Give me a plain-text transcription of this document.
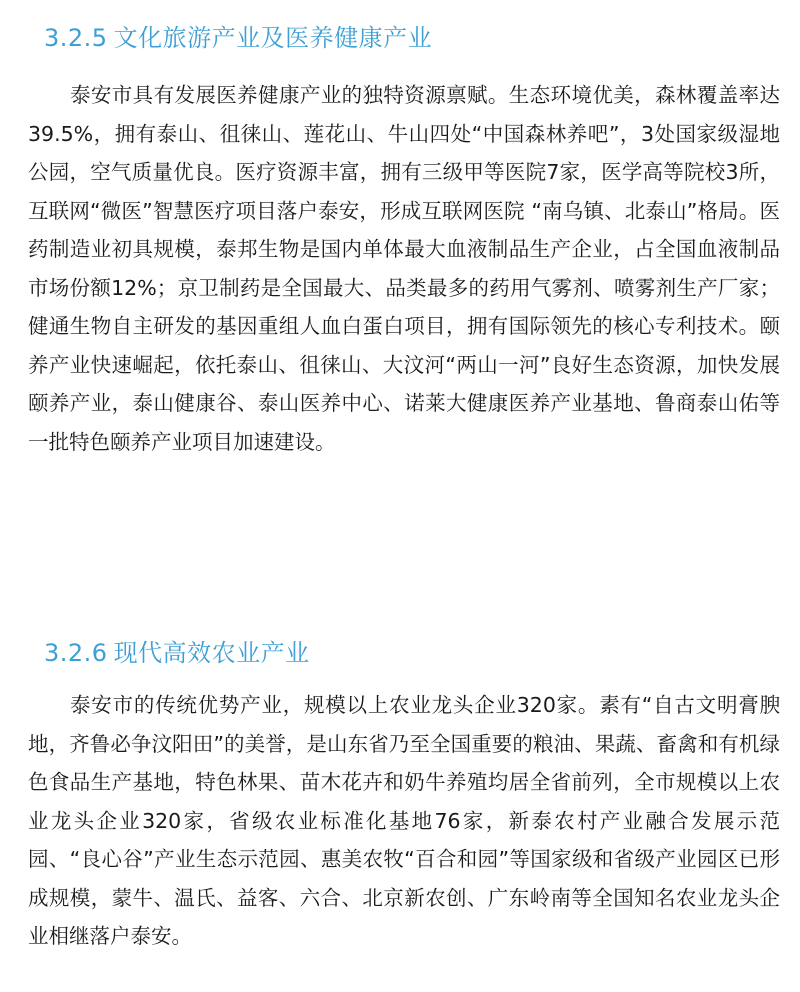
3.2.5 文化旅游产业及医养健康产业

泰安市具有发展医养健康产业的独特资源禀赋。生态环境优美，森林覆盖率达39.5%，拥有泰山、徂徕山、莲花山、牛山四处“中国森林养吧”，3处国家级湿地公园，空气质量优良。医疗资源丰富，拥有三级甲等医院7家，医学高等院校3所，互联网“微医”智慧医疗项目落户泰安，形成互联网医院 “南乌镇、北泰山”格局。医药制造业初具规模，泰邦生物是国内单体最大血液制品生产企业，占全国血液制品市场份额12%；京卫制药是全国最大、品类最多的药用气雾剂、喷雾剂生产厂家；健通生物自主研发的基因重组人血白蛋白项目，拥有国际领先的核心专利技术。颐养产业快速崛起，依托泰山、徂徕山、大汶河“两山一河”良好生态资源，加快发展颐养产业，泰山健康谷、泰山医养中心、诺莱大健康医养产业基地、鲁商泰山佑等一批特色颐养产业项目加速建设。

3.2.6 现代高效农业产业

泰安市的传统优势产业，规模以上农业龙头企业320家。素有“自古文明膏腴地，齐鲁必争汶阳田”的美誉，是山东省乃至全国重要的粮油、果蔬、畜禽和有机绿色食品生产基地，特色林果、苗木花卉和奶牛养殖均居全省前列，全市规模以上农业龙头企业320家，省级农业标准化基地76家，新泰农村产业融合发展示范园、“良心谷”产业生态示范园、惠美农牧“百合和园”等国家级和省级产业园区已形成规模，蒙牛、温氏、益客、六合、北京新农创、广东岭南等全国知名农业龙头企业相继落户泰安。
